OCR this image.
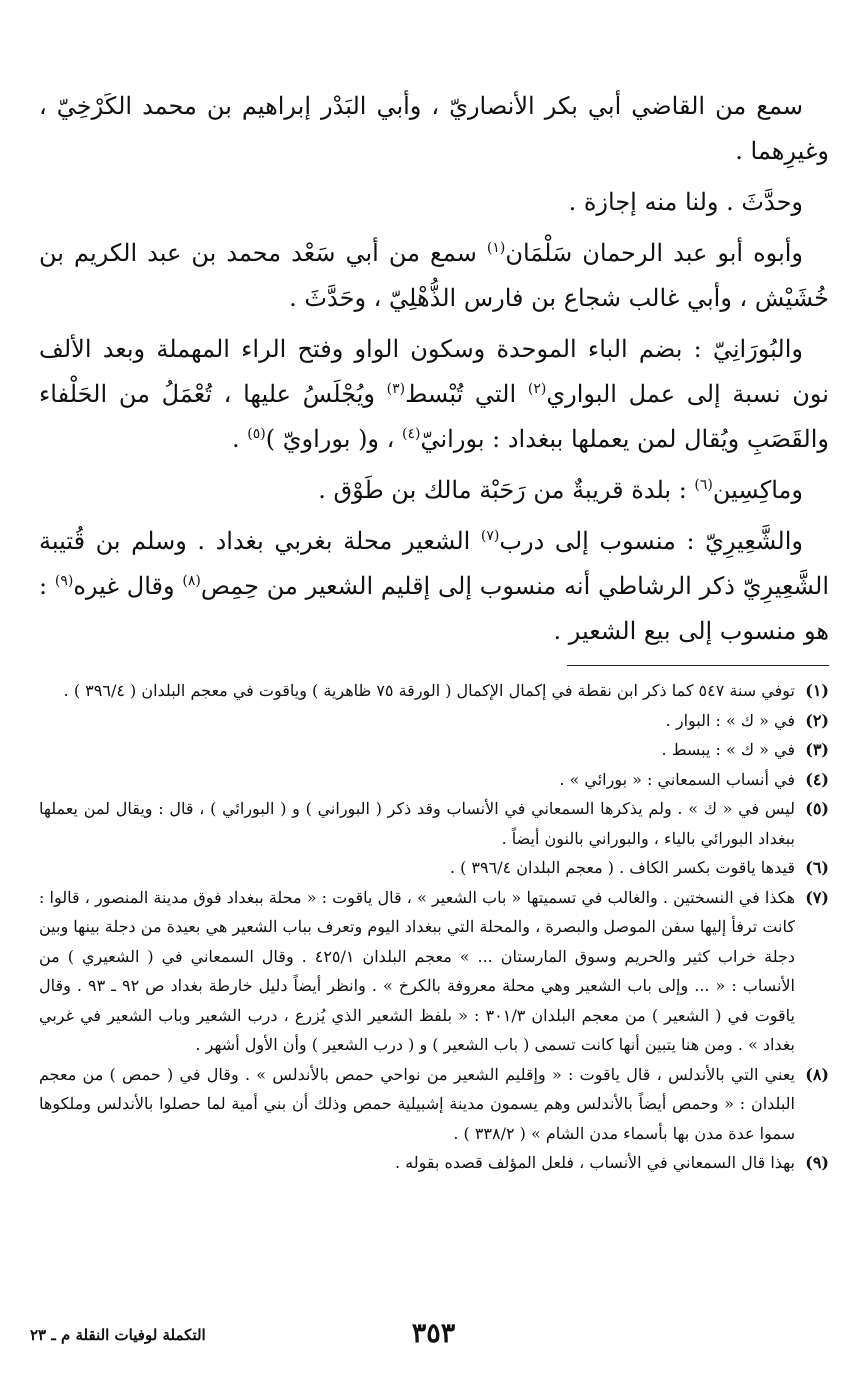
سمع من القاضي أبي بكر الأنصاريّ ، وأبي البَدْر إبراهيم بن محمد الكَرْخِيّ ، وغيرِهما .

وحدَّثَ . ولنا منه إجازة .

وأبوه أبو عبد الرحمان سَلْمَان$^{(١)}$ سمع من أبي سَعْد محمد بن عبد الكريم بن خُشَيْش ، وأبي غالب شجاع بن فارس الذُّهْلِيّ ، وحَدَّثَ .

والبُورَانِيّ : بضم الباء الموحدة وسكون الواو وفتح الراء المهملة وبعد الألف نون نسبة إلى عمل البواري$^{(٢)}$ التي تُبْسط$^{(٣)}$ ويُجْلَسُ عليها ، تُعْمَلُ من الحَلْفاء والقَصَبِ ويُقال لمن يعملها ببغداد : بورانيّ$^{(٤)}$ ، و( بوراويّ )$^{(٥)}$ .

وماكِسِين$^{(٦)}$ : بلدة قريبةٌ من رَحَبْة مالك بن طَوْق .

والشَّعِيرِيّ : منسوب إلى درب$^{(٧)}$ الشعير محلة بغربي بغداد . وسلم بن قُتيبة الشَّعِيرِيّ ذكر الرشاطي أنه منسوب إلى إقليم الشعير من حِمِص$^{(٨)}$ وقال غيره$^{(٩)}$ : هو منسوب إلى بيع الشعير .

(١)
توفي سنة ٥٤٧ كما ذكر ابن نقطة في إكمال الإكمال ( الورقة ٧٥ ظاهرية ) وياقوت في معجم البلدان ( ٣٩٦/٤ ) .
(٢)
في « ك » : البوار .
(٣)
في « ك » : يبسط .
(٤)
في أنساب السمعاني : « بورائي » .
(٥)
ليس في « ك » . ولم يذكرها السمعاني في الأنساب وقد ذكر ( البوراني ) و ( البورائي ) ، قال : ويقال لمن يعملها ببغداد البورائي بالياء ، والبوراني بالنون أيضاً .
(٦)
قيدها ياقوت بكسر الكاف . ( معجم البلدان ٣٩٦/٤ ) .
(٧)
هكذا في النسختين . والغالب في تسميتها « باب الشعير » ، قال ياقوت : « محلة ببغداد فوق مدينة المنصور ، قالوا : كانت ترفأ إليها سفن الموصل والبصرة ، والمحلة التي ببغداد اليوم وتعرف بباب الشعير هي بعيدة من دجلة بينها وبين دجلة خراب كثير والحريم وسوق المارستان ... » معجم البلدان ٤٢٥/١ . وقال السمعاني في ( الشعيري ) من الأنساب : « ... وإلى باب الشعير وهي محلة معروفة بالكرخ » . وانظر أيضاً دليل خارطة بغداد ص ٩٢ ـ ٩٣ . وقال ياقوت في ( الشعير ) من معجم البلدان ٣٠١/٣ : « بلفظ الشعير الذي يُزرع ، درب الشعير وباب الشعير في غربي بغداد » . ومن هنا يتبين أنها كانت تسمى ( باب الشعير ) و ( درب الشعير ) وأن الأول أشهر .
(٨)
يعني التي بالأندلس ، قال ياقوت : « وإقليم الشعير من نواحي حمص بالأندلس » . وقال في ( حمص ) من معجم البلدان : « وحمص أيضاً بالأندلس وهم يسمون مدينة إشبيلية حمص وذلك أن بني أمية لما حصلوا بالأندلس وملكوها سموا عدة مدن بها بأسماء مدن الشام » ( ٣٣٨/٢ ) .
(٩)
بهذا قال السمعاني في الأنساب ، فلعل المؤلف قصده بقوله .
٣٥٣
التكملة لوفيات النقلة م ـ ٢٣
